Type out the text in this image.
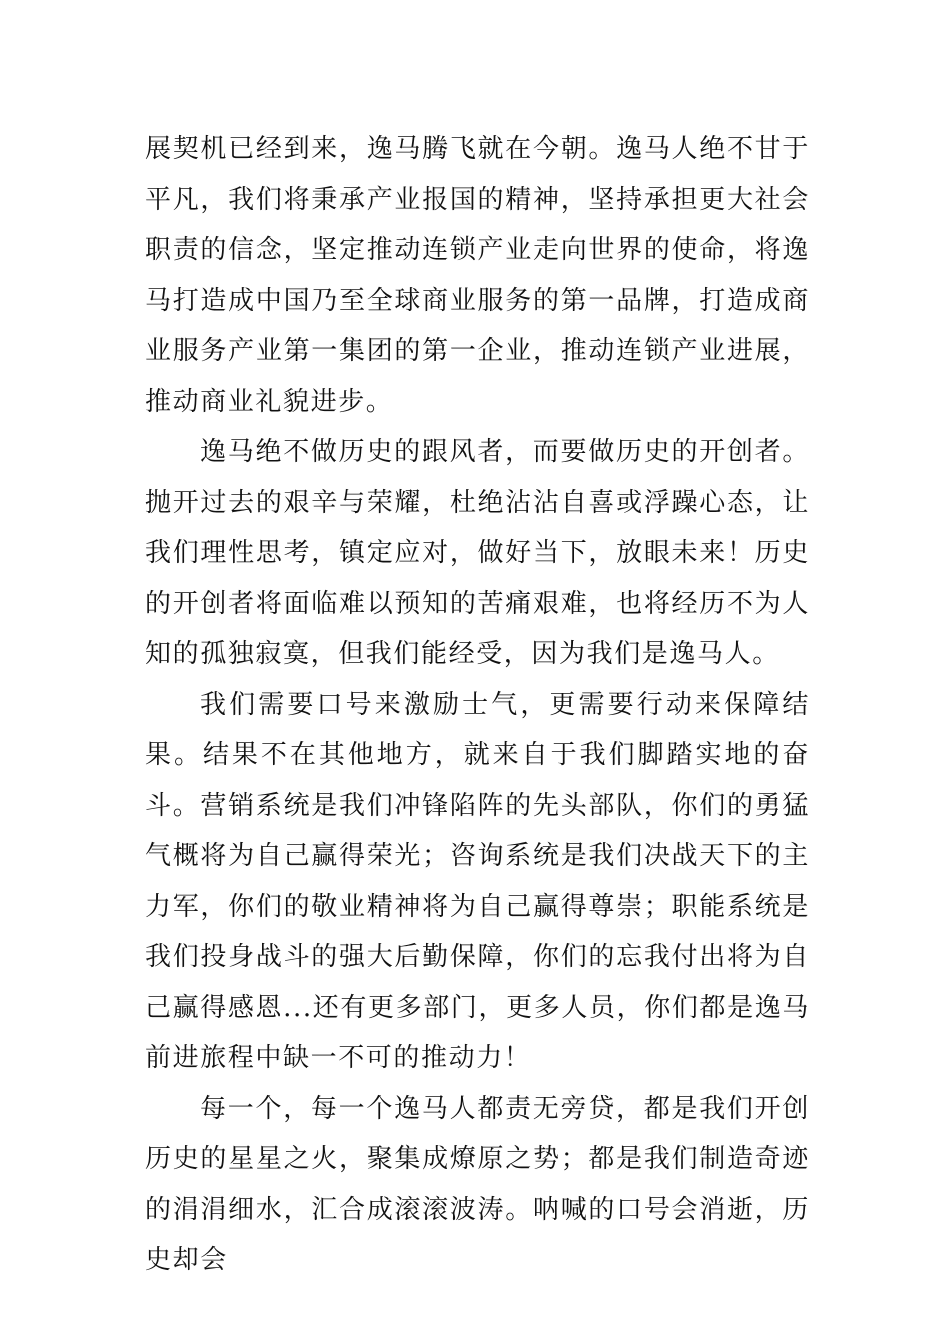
展契机已经到来，逸马腾飞就在今朝。逸马人绝不甘于平凡，我们将秉承产业报国的精神，坚持承担更大社会职责的信念，坚定推动连锁产业走向世界的使命，将逸马打造成中国乃至全球商业服务的第一品牌，打造成商业服务产业第一集团的第一企业，推动连锁产业进展，推动商业礼貌进步。

逸马绝不做历史的跟风者，而要做历史的开创者。抛开过去的艰辛与荣耀，杜绝沾沾自喜或浮躁心态，让我们理性思考，镇定应对，做好当下，放眼未来！历史的开创者将面临难以预知的苦痛艰难，也将经历不为人知的孤独寂寞，但我们能经受，因为我们是逸马人。

我们需要口号来激励士气，更需要行动来保障结果。结果不在其他地方，就来自于我们脚踏实地的奋斗。营销系统是我们冲锋陷阵的先头部队，你们的勇猛气概将为自己赢得荣光；咨询系统是我们决战天下的主力军，你们的敬业精神将为自己赢得尊崇；职能系统是我们投身战斗的强大后勤保障，你们的忘我付出将为自己赢得感恩...还有更多部门，更多人员，你们都是逸马前进旅程中缺一不可的推动力！

每一个，每一个逸马人都责无旁贷，都是我们开创历史的星星之火，聚集成燎原之势；都是我们制造奇迹的涓涓细水，汇合成滚滚波涛。呐喊的口号会消逝，历史却会
